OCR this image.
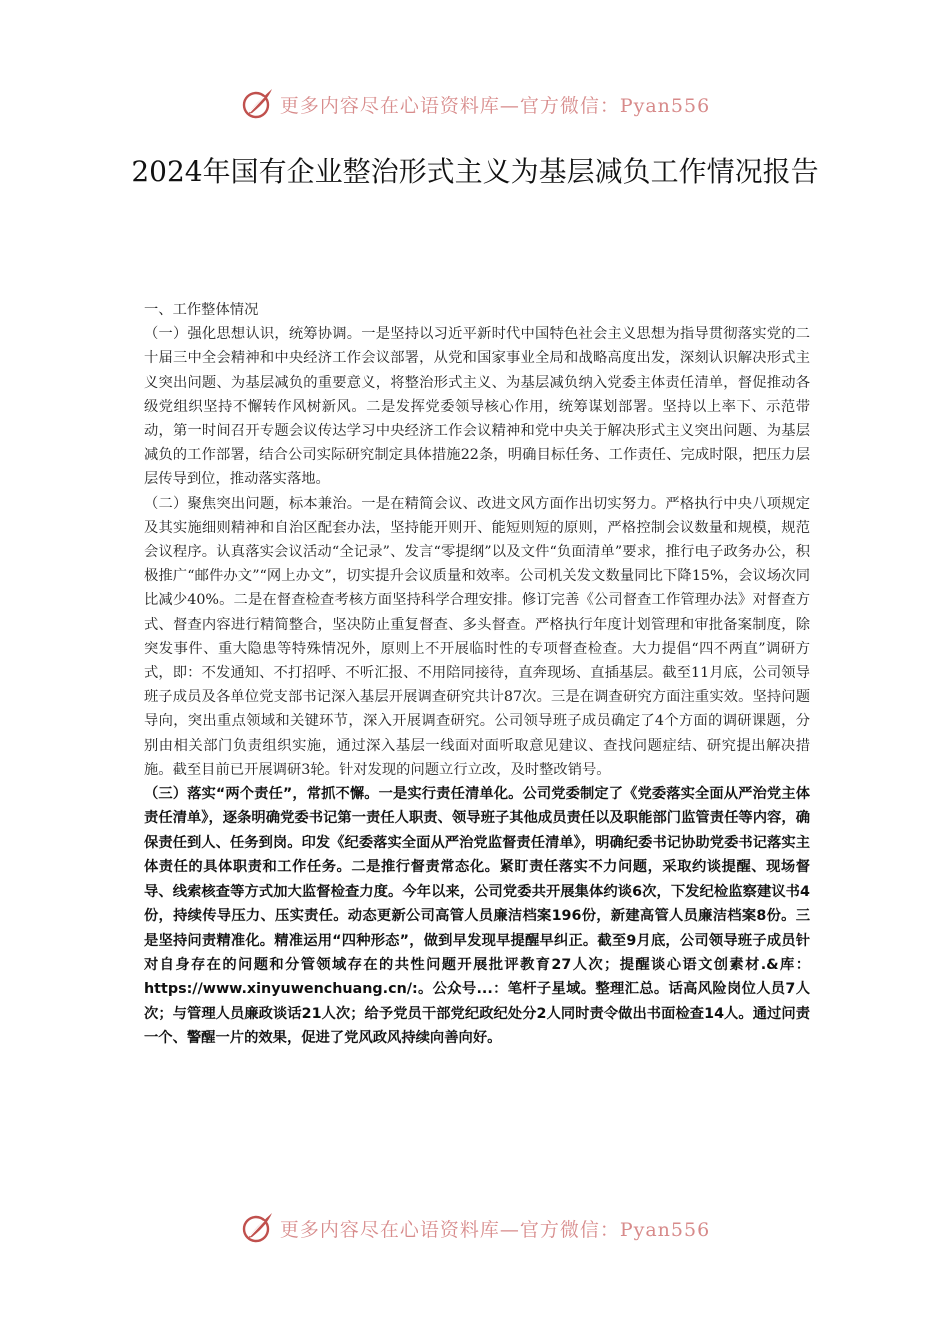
更多内容尽在心语资料库—官方微信：Pyan556
2024年国有企业整治形式主义为基层减负工作情况报告

一、工作整体情况

（一）强化思想认识，统筹协调。一是坚持以习近平新时代中国特色社会主义思想为指导贯彻落实党的二十届三中全会精神和中央经济工作会议部署，从党和国家事业全局和战略高度出发，深刻认识解决形式主义突出问题、为基层减负的重要意义，将整治形式主义、为基层减负纳入党委主体责任清单，督促推动各级党组织坚持不懈转作风树新风。二是发挥党委领导核心作用，统筹谋划部署。坚持以上率下、示范带动，第一时间召开专题会议传达学习中央经济工作会议精神和党中央关于解决形式主义突出问题、为基层减负的工作部署，结合公司实际研究制定具体措施22条，明确目标任务、工作责任、完成时限，把压力层层传导到位，推动落实落地。

（二）聚焦突出问题，标本兼治。一是在精简会议、改进文风方面作出切实努力。严格执行中央八项规定及其实施细则精神和自治区配套办法，坚持能开则开、能短则短的原则，严格控制会议数量和规模，规范会议程序。认真落实会议活动“全记录”、发言“零提纲”以及文件“负面清单”要求，推行电子政务办公，积极推广“邮件办文”“网上办文”，切实提升会议质量和效率。公司机关发文数量同比下降15%，会议场次同比减少40%。二是在督查检查考核方面坚持科学合理安排。修订完善《公司督查工作管理办法》对督查方式、督查内容进行精简整合，坚决防止重复督查、多头督查。严格执行年度计划管理和审批备案制度，除突发事件、重大隐患等特殊情况外，原则上不开展临时性的专项督查检查。大力提倡“四不两直”调研方式，即：不发通知、不打招呼、不听汇报、不用陪同接待，直奔现场、直插基层。截至11月底，公司领导班子成员及各单位党支部书记深入基层开展调查研究共计87次。三是在调查研究方面注重实效。坚持问题导向，突出重点领域和关键环节，深入开展调查研究。公司领导班子成员确定了4个方面的调研课题，分别由相关部门负责组织实施，通过深入基层一线面对面听取意见建议、查找问题症结、研究提出解决措施。截至目前已开展调研3轮。针对发现的问题立行立改，及时整改销号。

（三）落实“两个责任”，常抓不懈。一是实行责任清单化。公司党委制定了《党委落实全面从严治党主体责任清单》，逐条明确党委书记第一责任人职责、领导班子其他成员责任以及职能部门监管责任等内容，确保责任到人、任务到岗。印发《纪委落实全面从严治党监督责任清单》，明确纪委书记协助党委书记落实主体责任的具体职责和工作任务。二是推行督责常态化。紧盯责任落实不力问题，采取约谈提醒、现场督导、线索核查等方式加大监督检查力度。今年以来，公司党委共开展集体约谈6次，下发纪检监察建议书4份，持续传导压力、压实责任。动态更新公司高管人员廉洁档案196份，新建高管人员廉洁档案8份。三是坚持问责精准化。精准运用“四种形态”，做到早发现早提醒早纠正。截至9月底，公司领导班子成员针对自身存在的问题和分管领域存在的共性问题开展批评教育27人次；提醒谈心语文创素材.&库：https://www.xinyuwenchuang.cn/:。公众号...：笔杆子星域。整理汇总。话高风险岗位人员7人次；与管理人员廉政谈话21人次；给予党员干部党纪政纪处分2人同时责令做出书面检查14人。通过问责一个、警醒一片的效果，促进了党风政风持续向善向好。

更多内容尽在心语资料库—官方微信：Pyan556
